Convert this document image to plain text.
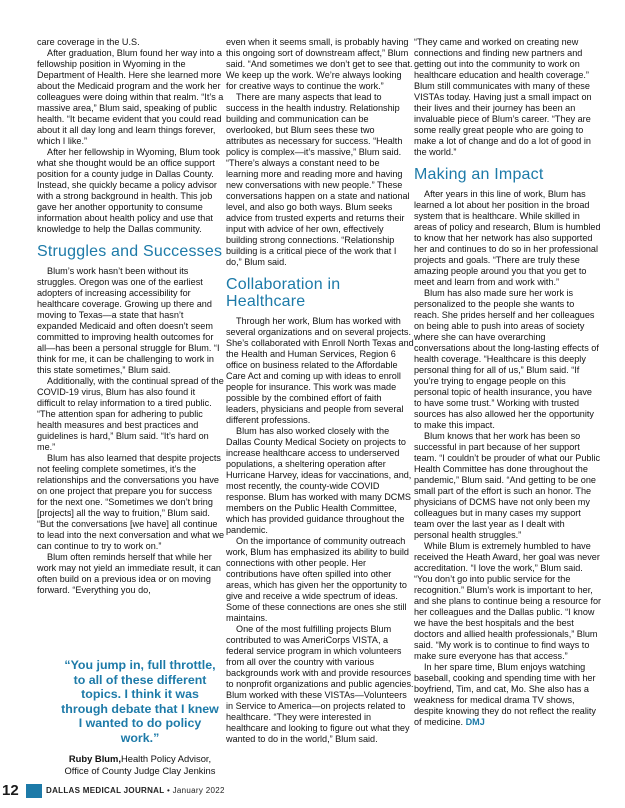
care coverage in the U.S.

After graduation, Blum found her way into a fellowship position in Wyoming in the Department of Health. Here she learned more about the Medicaid program and the work her colleagues were doing within that realm. “It’s a massive area,” Blum said, speaking of public health. “It became evident that you could read about it all day long and learn things forever, which I like.”

After her fellowship in Wyoming, Blum took what she thought would be an office support position for a county judge in Dallas County. Instead, she quickly became a policy advisor with a strong background in health. This job gave her another opportunity to consume information about health policy and use that knowledge to help the Dallas community.

Struggles and Successes

Blum’s work hasn’t been without its struggles. Oregon was one of the earliest adopters of increasing accessibility for healthcare coverage. Growing up there and moving to Texas—a state that hasn’t expanded Medicaid and often doesn’t seem committed to improving health outcomes for all—has been a personal struggle for Blum. “I think for me, it can be challenging to work in this state sometimes,” Blum said.

Additionally, with the continual spread of the COVID-19 virus, Blum has also found it difficult to relay information to a tired public. “The attention span for adhering to public health measures and best practices and guidelines is hard,” Blum said. “It’s hard on me.”

Blum has also learned that despite projects not feeling complete sometimes, it’s the relationships and the conversations you have on one project that prepare you for success for the next one. “Sometimes we don’t bring [projects] all the way to fruition,” Blum said. “But the conversations [we have] all continue to lead into the next conversation and what we can continue to try to work on.”

Blum often reminds herself that while her work may not yield an immediate result, it can often build on a previous idea or on moving forward. “Everything you do,

even when it seems small, is probably having this ongoing sort of downstream affect,” Blum said. “And sometimes we don’t get to see that. We keep up the work. We’re always looking for creative ways to continue the work.”

There are many aspects that lead to success in the health industry. Relationship building and communication can be overlooked, but Blum sees these two attributes as necessary for success. “Health policy is complex—it’s massive,” Blum said. “There’s always a constant need to be learning more and reading more and having new conversations with new people.” These conversations happen on a state and national level, and also go both ways. Blum seeks advice from trusted experts and returns their input with advice of her own, effectively building strong connections. “Relationship building is a critical piece of the work that I do,” Blum said.

Collaboration in Healthcare

Through her work, Blum has worked with several organizations and on several projects. She’s collaborated with Enroll North Texas and the Health and Human Services, Region 6 office on business related to the Affordable Care Act and coming up with ideas to enroll people for insurance. This work was made possible by the combined effort of faith leaders, physicians and people from several different professions.

Blum has also worked closely with the Dallas County Medical Society on projects to increase healthcare access to underserved populations, a sheltering operation after Hurricane Harvey, ideas for vaccinations, and, most recently, the county-wide COVID response. Blum has worked with many DCMS members on the Public Health Committee, which has provided guidance throughout the pandemic.

On the importance of community outreach work, Blum has emphasized its ability to build connections with other people. Her contributions have often spilled into other areas, which has given her the opportunity to give and receive a wide spectrum of ideas. Some of these connections are ones she still maintains.

One of the most fulfilling projects Blum contributed to was AmeriCorps VISTA, a federal service program in which volunteers from all over the country with various backgrounds work with and provide resources to nonprofit organizations and public agencies. Blum worked with these VISTAs—Volunteers in Service to America—on projects related to healthcare. “They were interested in healthcare and looking to figure out what they wanted to do in the world,” Blum said.

“They came and worked on creating new connections and finding new partners and getting out into the community to work on healthcare education and health coverage.” Blum still communicates with many of these VISTAs today. Having just a small impact on their lives and their journey has been an invaluable piece of Blum’s career. “They are some really great people who are going to make a lot of change and do a lot of good in the world.”

Making an Impact

After years in this line of work, Blum has learned a lot about her position in the broad system that is healthcare. While skilled in areas of policy and research, Blum is humbled to know that her network has also supported her and continues to do so in her professional projects and goals. “There are truly these amazing people around you that you get to meet and learn from and work with.”

Blum has also made sure her work is personalized to the people she wants to reach. She prides herself and her colleagues on being able to push into areas of society where she can have overarching conversations about the long-lasting effects of health coverage. “Healthcare is this deeply personal thing for all of us,” Blum said. “If you’re trying to engage people on this personal topic of health insurance, you have to have some trust.” Working with trusted sources has also allowed her the opportunity to make this impact.

Blum knows that her work has been so successful in part because of her support team. “I couldn’t be prouder of what our Public Health Committee has done throughout the pandemic,” Blum said. “And getting to be one small part of the effort is such an honor. The physicians of DCMS have not only been my colleagues but in many cases my support team over the last year as I dealt with personal health struggles.”

While Blum is extremely humbled to have received the Heath Award, her goal was never accreditation. “I love the work,” Blum said. “You don’t go into public service for the recognition.” Blum’s work is important to her, and she plans to continue being a resource for her colleagues and the Dallas public. “I know we have the best hospitals and the best doctors and allied health professionals,” Blum said. “My work is to continue to find ways to make sure everyone has that access.”

In her spare time, Blum enjoys watching baseball, cooking and spending time with her boyfriend, Tim, and cat, Mo. She also has a weakness for medical drama TV shows, despite knowing they do not reflect the reality of medicine. DMJ

“You jump in, full throttle, to all of these different topics. I think it was through debate that I knew I wanted to do policy work.”
Ruby Blum,Health Policy Advisor, Office of County Judge Clay Jenkins
12	DALLAS MEDICAL JOURNAL • January 2022
